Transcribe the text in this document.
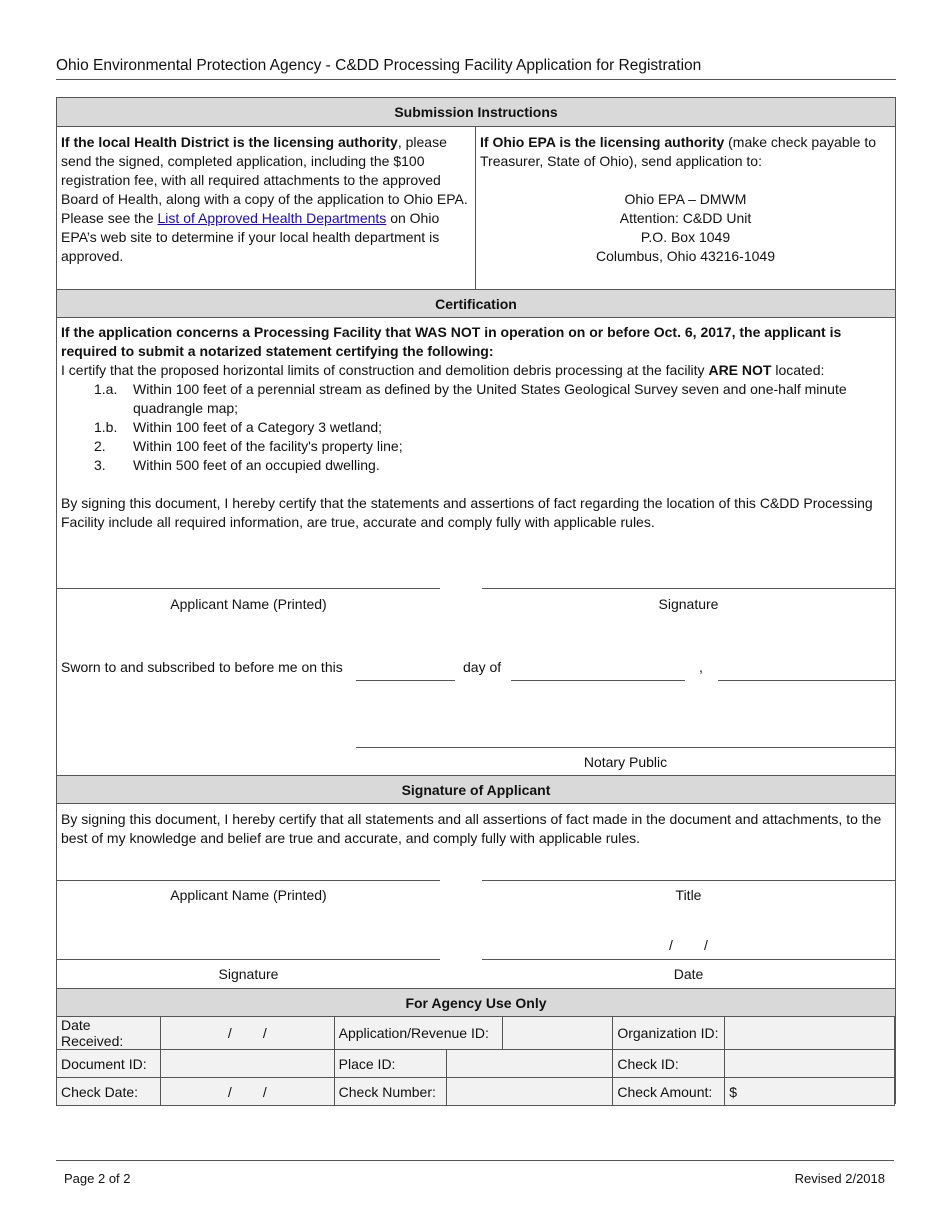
Ohio Environmental Protection Agency - C&DD Processing Facility Application for Registration
Submission Instructions
If the local Health District is the licensing authority, please send the signed, completed application, including the $100 registration fee, with all required attachments to the approved Board of Health, along with a copy of the application to Ohio EPA. Please see the List of Approved Health Departments on Ohio EPA’s web site to determine if your local health department is approved.
If Ohio EPA is the licensing authority (make check payable to Treasurer, State of Ohio), send application to:
Ohio EPA – DMWM
Attention: C&DD Unit
P.O. Box 1049
Columbus, Ohio 43216-1049
Certification
If the application concerns a Processing Facility that WAS NOT in operation on or before Oct. 6, 2017, the applicant is required to submit a notarized statement certifying the following:
I certify that the proposed horizontal limits of construction and demolition debris processing at the facility ARE NOT located:
1.a. Within 100 feet of a perennial stream as defined by the United States Geological Survey seven and one-half minute quadrangle map;
1.b. Within 100 feet of a Category 3 wetland;
2. Within 100 feet of the facility's property line;
3. Within 500 feet of an occupied dwelling.
By signing this document, I hereby certify that the statements and assertions of fact regarding the location of this C&DD Processing Facility include all required information, are true, accurate and comply fully with applicable rules.
Applicant Name (Printed)	Signature
Sworn to and subscribed to before me on this	day of	,
Notary Public
Signature of Applicant
By signing this document, I hereby certify that all statements and all assertions of fact made in the document and attachments, to the best of my knowledge and belief are true and accurate, and comply fully with applicable rules.
Applicant Name (Printed)	Title
/        /
Signature	Date
For Agency Use Only
Date Received:	/        /	Application/Revenue ID:			Organization ID:	
Document ID:		Place ID:			Check ID:	
Check Date:	/        /	Check Number:			Check Amount:	$
Page 2 of 2	Revised 2/2018
